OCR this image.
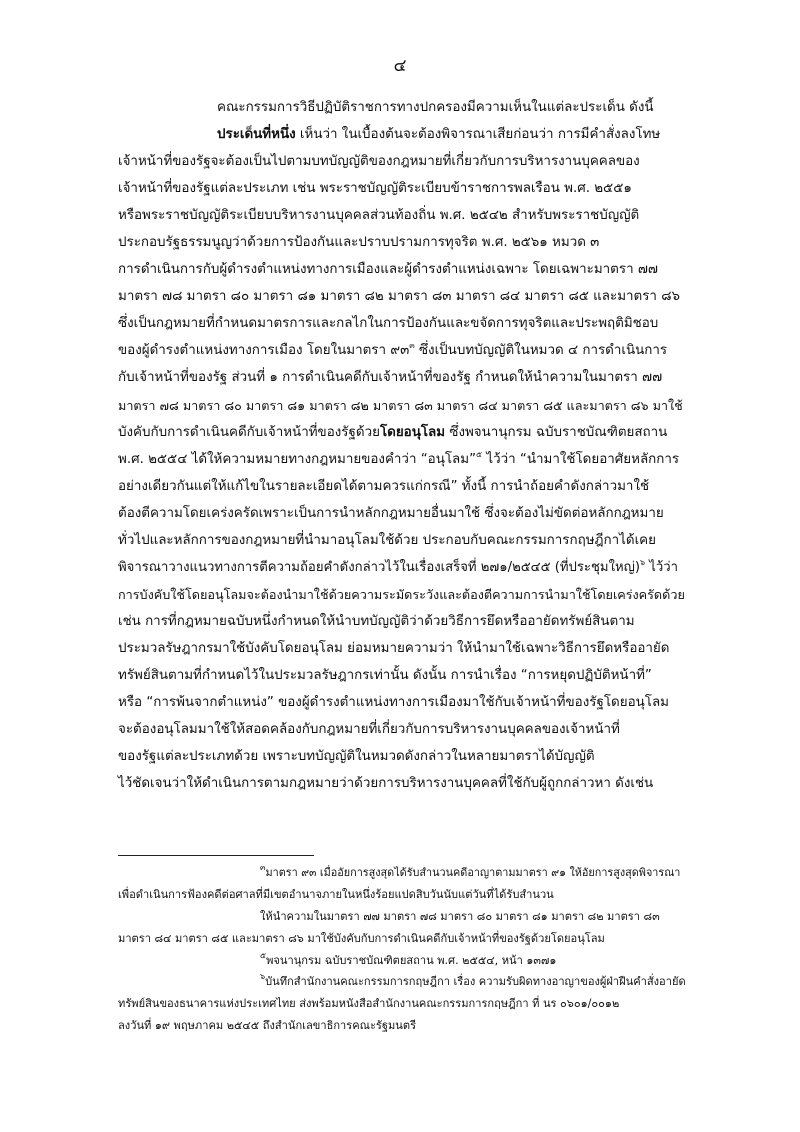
๔
คณะกรรมการวิธีปฏิบัติราชการทางปกครองมีความเห็นในแต่ละประเด็น ดังนี้
ประเด็นที่หนึ่ง เห็นว่า ในเบื้องต้นจะต้องพิจารณาเสียก่อนว่า การมีคำสั่งลงโทษ
เจ้าหน้าที่ของรัฐจะต้องเป็นไปตามบทบัญญัติของกฎหมายที่เกี่ยวกับการบริหารงานบุคคลของ
เจ้าหน้าที่ของรัฐแต่ละประเภท เช่น พระราชบัญญัติระเบียบข้าราชการพลเรือน พ.ศ. ๒๕๕๑
หรือพระราชบัญญัติระเบียบบริหารงานบุคคลส่วนท้องถิ่น พ.ศ. ๒๕๔๒ สำหรับพระราชบัญญัติ
ประกอบรัฐธรรมนูญว่าด้วยการป้องกันและปราบปรามการทุจริต พ.ศ. ๒๕๖๑ หมวด ๓
การดำเนินการกับผู้ดำรงตำแหน่งทางการเมืองและผู้ดำรงตำแหน่งเฉพาะ โดยเฉพาะมาตรา ๗๗
มาตรา ๗๘ มาตรา ๘๐ มาตรา ๘๑ มาตรา ๘๒ มาตรา ๘๓ มาตรา ๘๔ มาตรา ๘๕ และมาตรา ๘๖
ซึ่งเป็นกฎหมายที่กำหนดมาตรการและกลไกในการป้องกันและขจัดการทุจริตและประพฤติมิชอบ
ของผู้ดำรงตำแหน่งทางการเมือง โดยในมาตรา ๙๓$^๓$ ซึ่งเป็นบทบัญญัติในหมวด ๔ การดำเนินการ
กับเจ้าหน้าที่ของรัฐ ส่วนที่ ๑ การดำเนินคดีกับเจ้าหน้าที่ของรัฐ กำหนดให้นำความในมาตรา ๗๗
มาตรา ๗๘ มาตรา ๘๐ มาตรา ๘๑ มาตรา ๘๒ มาตรา ๘๓ มาตรา ๘๔ มาตรา ๘๕ และมาตรา ๘๖ มาใช้
บังคับกับการดำเนินคดีกับเจ้าหน้าที่ของรัฐด้วยโดยอนุโลม ซึ่งพจนานุกรม ฉบับราชบัณฑิตยสถาน
พ.ศ. ๒๕๕๔ ได้ให้ความหมายทางกฎหมายของคำว่า “อนุโลม”$^๕$ ไว้ว่า “นำมาใช้โดยอาศัยหลักการ
อย่างเดียวกันแต่ให้แก้ไขในรายละเอียดได้ตามควรแก่กรณี” ทั้งนี้ การนำถ้อยคำดังกล่าวมาใช้
ต้องตีความโดยเคร่งครัดเพราะเป็นการนำหลักกฎหมายอื่นมาใช้ ซึ่งจะต้องไม่ขัดต่อหลักกฎหมาย
ทั่วไปและหลักการของกฎหมายที่นำมาอนุโลมใช้ด้วย ประกอบกับคณะกรรมการกฤษฎีกาได้เคย
พิจารณาวางแนวทางการตีความถ้อยคำดังกล่าวไว้ในเรื่องเสร็จที่ ๒๗๑/๒๕๔๕ (ที่ประชุมใหญ่)$^๖$ ไว้ว่า
การบังคับใช้โดยอนุโลมจะต้องนำมาใช้ด้วยความระมัดระวังและต้องตีความการนำมาใช้โดยเคร่งครัดด้วย
เช่น การที่กฎหมายฉบับหนึ่งกำหนดให้นำบทบัญญัติว่าด้วยวิธีการยึดหรืออายัดทรัพย์สินตาม
ประมวลรัษฎากรมาใช้บังคับโดยอนุโลม ย่อมหมายความว่า ให้นำมาใช้เฉพาะวิธีการยึดหรืออายัด
ทรัพย์สินตามที่กำหนดไว้ในประมวลรัษฎากรเท่านั้น ดังนั้น การนำเรื่อง “การหยุดปฏิบัติหน้าที่”
หรือ “การพ้นจากตำแหน่ง” ของผู้ดำรงตำแหน่งทางการเมืองมาใช้กับเจ้าหน้าที่ของรัฐโดยอนุโลม
จะต้องอนุโลมมาใช้ให้สอดคล้องกับกฎหมายที่เกี่ยวกับการบริหารงานบุคคลของเจ้าหน้าที่
ของรัฐแต่ละประเภทด้วย เพราะบทบัญญัติในหมวดดังกล่าวในหลายมาตราได้บัญญัติ
ไว้ชัดเจนว่าให้ดำเนินการตามกฎหมายว่าด้วยการบริหารงานบุคคลที่ใช้กับผู้ถูกกล่าวหา ดังเช่น
$^๓$มาตรา ๙๓ เมื่ออัยการสูงสุดได้รับสำนวนคดีอาญาตามมาตรา ๙๑ ให้อัยการสูงสุดพิจารณา
เพื่อดำเนินการฟ้องคดีต่อศาลที่มีเขตอำนาจภายในหนึ่งร้อยแปดสิบวันนับแต่วันที่ได้รับสำนวน
ให้นำความในมาตรา ๗๗ มาตรา ๗๘ มาตรา ๘๐ มาตรา ๘๑ มาตรา ๘๒ มาตรา ๘๓
มาตรา ๘๔ มาตรา ๘๕ และมาตรา ๘๖ มาใช้บังคับกับการดำเนินคดีกับเจ้าหน้าที่ของรัฐด้วยโดยอนุโลม
$^๕$พจนานุกรม ฉบับราชบัณฑิตยสถาน พ.ศ. ๒๕๕๔, หน้า ๑๓๗๑
$^๖$บันทึกสำนักงานคณะกรรมการกฤษฎีกา เรื่อง ความรับผิดทางอาญาของผู้ฝ่าฝืนคำสั่งอายัด
ทรัพย์สินของธนาคารแห่งประเทศไทย ส่งพร้อมหนังสือสำนักงานคณะกรรมการกฤษฎีกา ที่ นร ๐๖๐๑/๐๐๑๒
ลงวันที่ ๑๙ พฤษภาคม ๒๕๔๕ ถึงสำนักเลขาธิการคณะรัฐมนตรี
